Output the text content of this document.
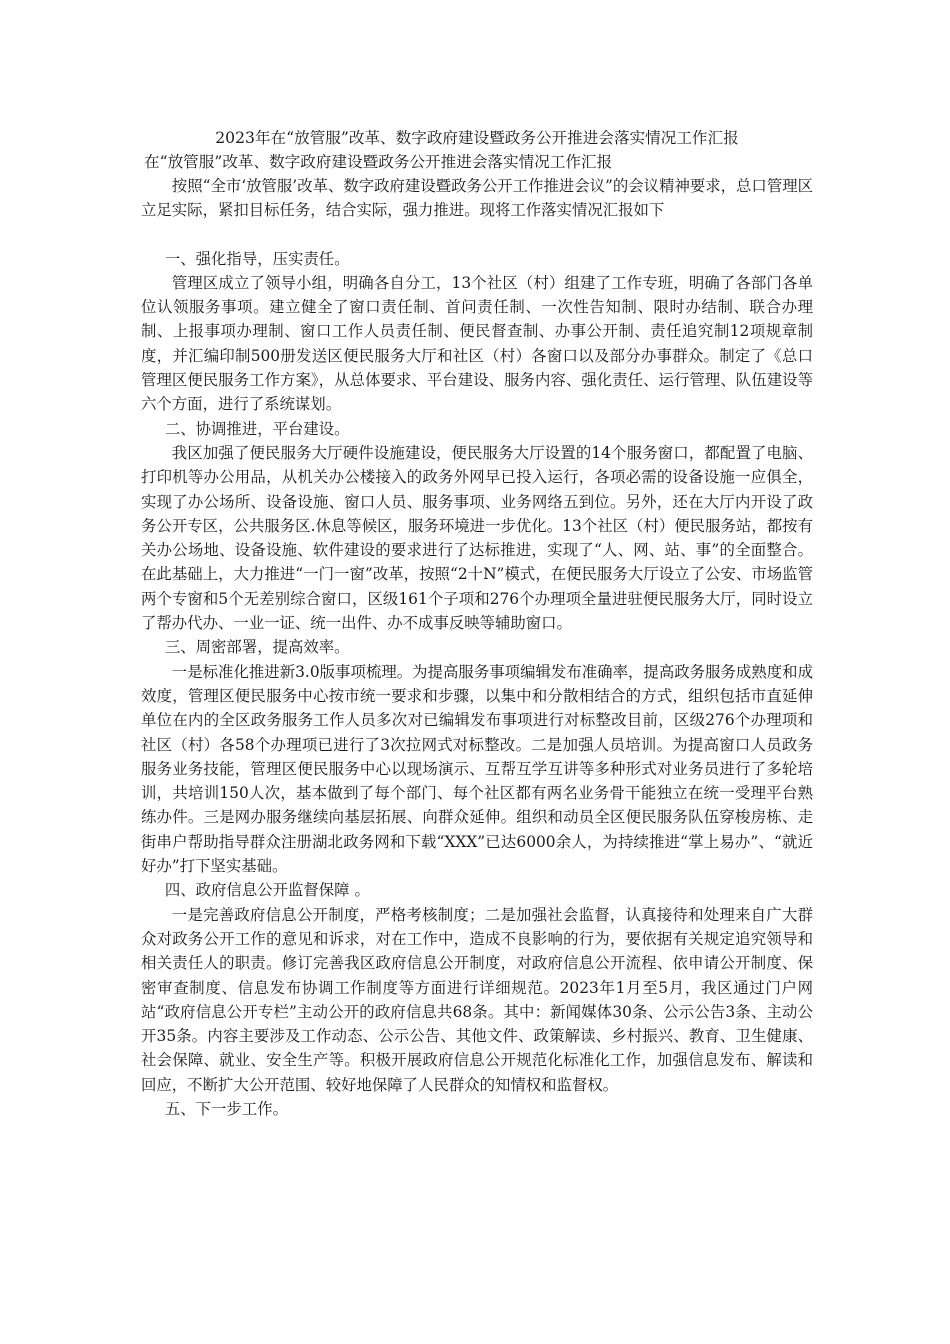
2023年在“放管服”改革、数字政府建设暨政务公开推进会落实情况工作汇报
在“放管服”改革、数字政府建设暨政务公开推进会落实情况工作汇报

按照“全市‘放管服’改革、数字政府建设暨政务公开工作推进会议”的会议精神要求，总口管理区立足实际，紧扣目标任务，结合实际，强力推进。现将工作落实情况汇报如下

一、强化指导，压实责任。

管理区成立了领导小组，明确各自分工，13个社区（村）组建了工作专班，明确了各部门各单位认领服务事项。建立健全了窗口责任制、首问责任制、一次性告知制、限时办结制、联合办理制、上报事项办理制、窗口工作人员责任制、便民督查制、办事公开制、责任追究制12项规章制度，并汇编印制500册发送区便民服务大厅和社区（村）各窗口以及部分办事群众。制定了《总口管理区便民服务工作方案》，从总体要求、平台建设、服务内容、强化责任、运行管理、队伍建设等六个方面，进行了系统谋划。

二、协调推进，平台建设。

我区加强了便民服务大厅硬件设施建设，便民服务大厅设置的14个服务窗口，都配置了电脑、打印机等办公用品，从机关办公楼接入的政务外网早已投入运行，各项必需的设备设施一应俱全，实现了办公场所、设备设施、窗口人员、服务事项、业务网络五到位。另外，还在大厅内开设了政务公开专区，公共服务区.休息等候区，服务环境进一步优化。13个社区（村）便民服务站，都按有关办公场地、设备设施、软件建设的要求进行了达标推进，实现了“人、网、站、事”的全面整合。在此基础上，大力推进“一门一窗”改革，按照“2十N”模式，在便民服务大厅设立了公安、市场监管两个专窗和5个无差别综合窗口，区级161个子项和276个办理项全量进驻便民服务大厅，同时设立了帮办代办、一业一证、统一出件、办不成事反映等辅助窗口。

三、周密部署，提高效率。

一是标准化推进新3.0版事项梳理。为提高服务事项编辑发布准确率，提高政务服务成熟度和成效度，管理区便民服务中心按市统一要求和步骤，以集中和分散相结合的方式，组织包括市直延伸单位在内的全区政务服务工作人员多次对已编辑发布事项进行对标整改目前，区级276个办理项和社区（村）各58个办理项已进行了3次拉网式对标整改。二是加强人员培训。为提高窗口人员政务服务业务技能，管理区便民服务中心以现场演示、互帮互学互讲等多种形式对业务员进行了多轮培训，共培训150人次，基本做到了每个部门、每个社区都有两名业务骨干能独立在统一受理平台熟练办件。三是网办服务继续向基层拓展、向群众延伸。组织和动员全区便民服务队伍穿梭房栋、走街串户帮助指导群众注册湖北政务网和下载“XXX”已达6000余人，为持续推进“掌上易办”、“就近好办”打下坚实基础。

四、政府信息公开监督保障 。

一是完善政府信息公开制度，严格考核制度；二是加强社会监督，认真接待和处理来自广大群众对政务公开工作的意见和诉求，对在工作中，造成不良影响的行为，要依据有关规定追究领导和相关责任人的职责。修订完善我区政府信息公开制度，对政府信息公开流程、依申请公开制度、保密审查制度、信息发布协调工作制度等方面进行详细规范。2023年1月至5月，我区通过门户网站“政府信息公开专栏”主动公开的政府信息共68条。其中：新闻媒体30条、公示公告3条、主动公开35条。内容主要涉及工作动态、公示公告、其他文件、政策解读、乡村振兴、教育、卫生健康、社会保障、就业、安全生产等。积极开展政府信息公开规范化标准化工作，加强信息发布、解读和回应，不断扩大公开范围、较好地保障了人民群众的知情权和监督权。

五、下一步工作。
